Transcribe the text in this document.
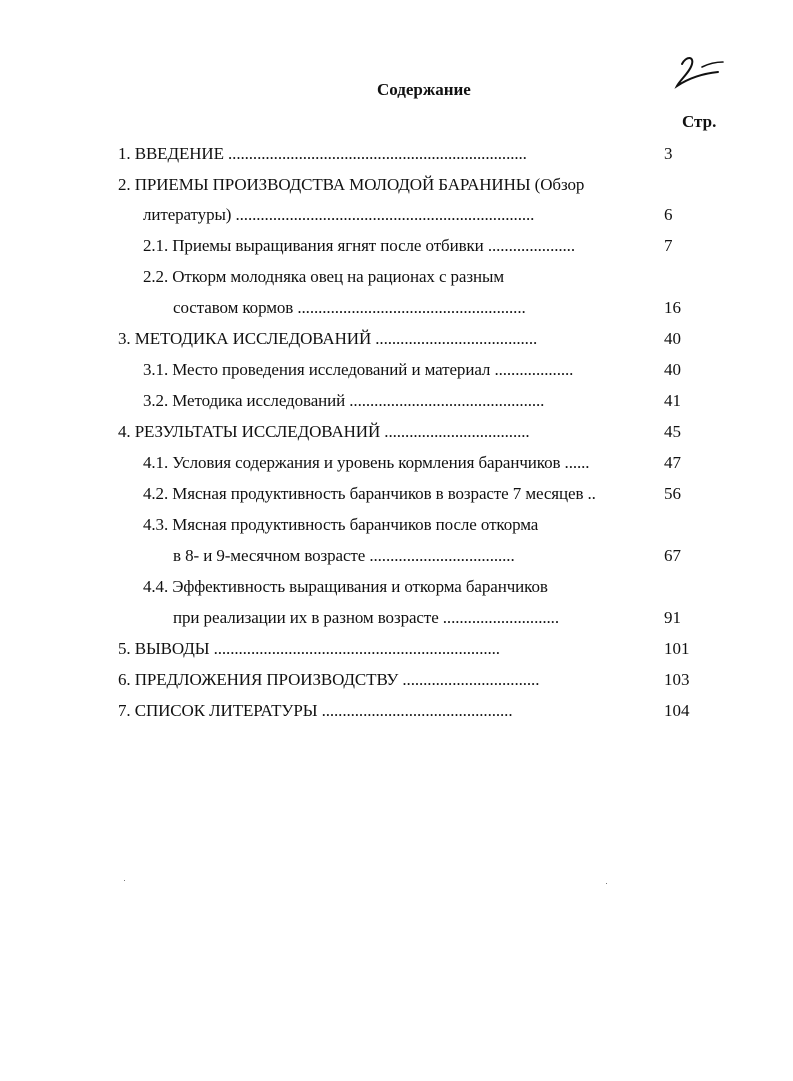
Содержание
Стр.
1. ВВЕДЕНИЕ ........................................................................	3
2. ПРИЕМЫ ПРОИЗВОДСТВА МОЛОДОЙ БАРАНИНЫ (Обзор
литературы) ........................................................................	6
2.1. Приемы выращивания ягнят после отбивки .....................	7
2.2. Откорм молодняка овец на рационах с разным
составом кормов .......................................................	16
3. МЕТОДИКА ИССЛЕДОВАНИЙ .......................................	40
3.1. Место проведения исследований и материал ...................	40
3.2. Методика исследований ...............................................	41
4. РЕЗУЛЬТАТЫ ИССЛЕДОВАНИЙ ...................................	45
4.1. Условия содержания и уровень кормления баранчиков ......	47
4.2. Мясная продуктивность баранчиков в возрасте 7 месяцев ..	56
4.3. Мясная продуктивность баранчиков после откорма
в 8- и 9-месячном возрасте ...................................	67
4.4. Эффективность выращивания и откорма баранчиков
при реализации их в разном возрасте ............................	91
5. ВЫВОДЫ .....................................................................	101
6. ПРЕДЛОЖЕНИЯ ПРОИЗВОДСТВУ .................................	103
7. СПИСОК ЛИТЕРАТУРЫ ..............................................	104
